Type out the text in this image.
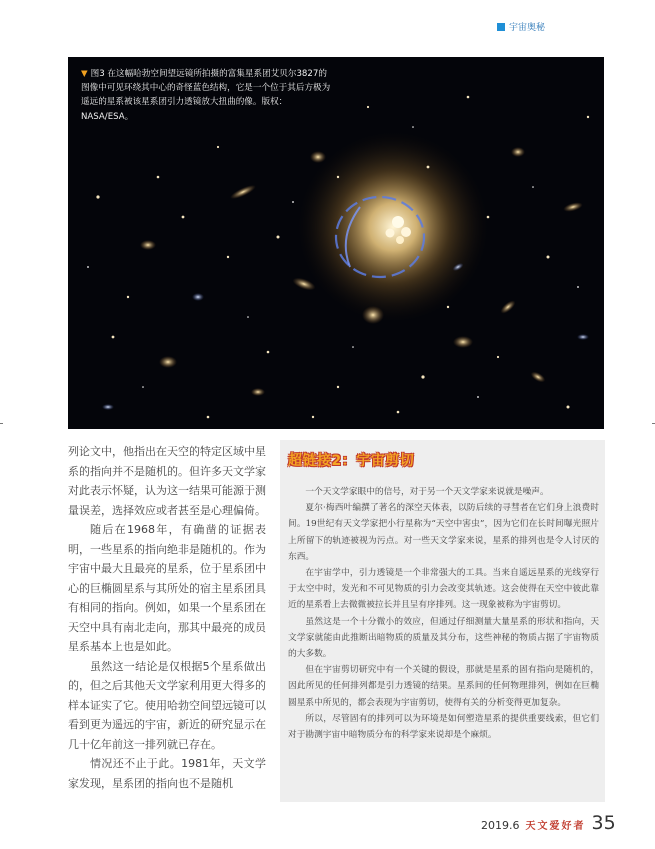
宇宙奥秘
▼ 图3 在这幅哈勃空间望远镜所拍摄的富集星系团艾贝尔3827的图像中可见环绕其中心的奇怪蓝色结构，它是一个位于其后方极为遥远的星系被该星系团引力透镜放大扭曲的像。版权：NASA/ESA。

列论文中，他指出在天空的特定区域中星系的指向并不是随机的。但许多天文学家对此表示怀疑，认为这一结果可能源于测量误差，选择效应或者甚至是心理偏倚。

随后在1968年，有确凿的证据表明，一些星系的指向绝非是随机的。作为宇宙中最大且最亮的星系，位于星系团中心的巨椭圆星系与其所处的宿主星系团具有相同的指向。例如，如果一个星系团在天空中具有南北走向，那其中最亮的成员星系基本上也是如此。

虽然这一结论是仅根据5个星系做出的，但之后其他天文学家利用更大得多的样本证实了它。使用哈勃空间望远镜可以看到更为遥远的宇宙，新近的研究显示在几十亿年前这一排列就已存在。

情况还不止于此。1981年，天文学家发现，星系团的指向也不是随机

超链接2：宇宙剪切

一个天文学家眼中的信号，对于另一个天文学家来说就是噪声。

夏尔·梅西叶编撰了著名的深空天体表，以防后续的寻彗者在它们身上浪费时间。19世纪有天文学家把小行星称为“天空中害虫”，因为它们在长时间曝光照片上所留下的轨迹被视为污点。对一些天文学家来说，星系的排列也是令人讨厌的东西。

在宇宙学中，引力透镜是一个非常强大的工具。当来自遥远星系的光线穿行于太空中时，发光和不可见物质的引力会改变其轨迹。这会使得在天空中彼此靠近的星系看上去微微被拉长并且呈有序排列。这一现象被称为宇宙剪切。

虽然这是一个十分微小的效应，但通过仔细测量大量星系的形状和指向，天文学家就能由此推断出暗物质的质量及其分布，这些神秘的物质占据了宇宙物质的大多数。

但在宇宙剪切研究中有一个关键的假设，那就是星系的固有指向是随机的，因此所见的任何排列都是引力透镜的结果。星系间的任何物理排列，例如在巨椭圆星系中所见的，都会表现为宇宙剪切，使得有关的分析变得更加复杂。

所以，尽管固有的排列可以为环境是如何塑造星系的提供重要线索，但它们对于勘测宇宙中暗物质分布的科学家来说却是个麻烦。

2019.6 天文爱好者 35
